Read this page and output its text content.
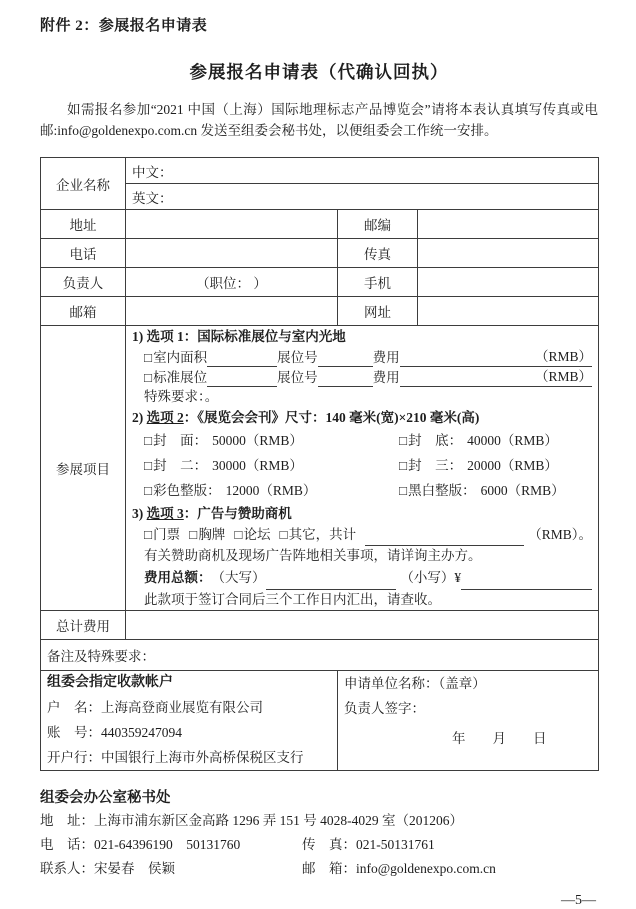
附件 2：参展报名申请表
参展报名申请表（代确认回执）
如需报名参加“2021 中国（上海）国际地理标志产品博览会”请将本表认真填写传真或电邮:info@goldenexpo.com.cn 发送至组委会秘书处，以便组委会工作统一安排。
企业名称	中文：		
	英文：		
地址		邮编	
电话		传真	
负责人	（职位： ）	手机	
邮箱		网址	
参展项目	
1) 选项 1：国际标准展位与室内光地
□ 室内面积	展位号	费用	（RMB）
□ 标准展位	展位号	费用	（RMB）
特殊要求：。
2) 选项 2：《展览会会刊》尺寸：140 毫米(宽)×210 毫米(高)
□ 封　面： 50000（RMB）	□ 封　底： 40000（RMB）
□ 封　二： 30000（RMB）	□ 封　三： 20000（RMB）
□ 彩色整版： 12000（RMB）	□ 黑白整版： 6000（RMB）
3) 选项 3：广告与赞助商机
□门票 □胸牌 □论坛 □其它，共计	（RMB）。
有关赞助商机及现场广告阵地相关事项，请详询主办方。
费用总额： （大写）	（小写）¥
此款项于签订合同后三个工作日内汇出，请查收。

总计费用			
备注及特殊要求：			

组委会指定收款帐户
户　名：上海高登商业展览有限公司
账　号：440359247094
开户行：中国银行上海市外高桥保税区支行

申请单位名称：（盖章）
负责人签字：
年　　月　　日
组委会办公室秘书处
地　址：上海市浦东新区金高路 1296 弄 151 号 4028-4029 室（201206）
电　话：021-64396190　50131760	传　真：021-50131761
联系人：宋晏春　侯颖	邮　箱：info@goldenexpo.com.cn
—5—
